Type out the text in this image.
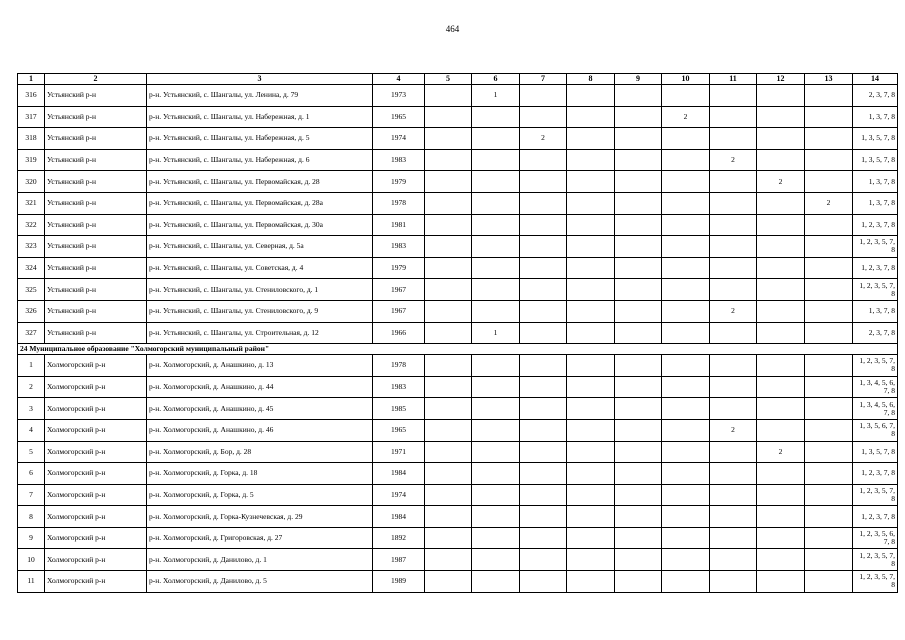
464
1	2	3	4	5	6	7	8	9	10	11	12	13	14
316	Устьянский р-н	р-н. Устьянский, с. Шангалы, ул. Ленина, д. 79	1973		1								2, 3, 7, 8
317	Устьянский р-н	р-н. Устьянский, с. Шангалы, ул. Набережная, д. 1	1965						2				1, 3, 7, 8
318	Устьянский р-н	р-н. Устьянский, с. Шангалы, ул. Набережная, д. 5	1974			2							1, 3, 5, 7, 8
319	Устьянский р-н	р-н. Устьянский, с. Шангалы, ул. Набережная, д. 6	1983							2			1, 3, 5, 7, 8
320	Устьянский р-н	р-н. Устьянский, с. Шангалы, ул. Первомайская, д. 28	1979								2		1, 3, 7, 8
321	Устьянский р-н	р-н. Устьянский, с. Шангалы, ул. Первомайская, д. 28а	1978									2	1, 3, 7, 8
322	Устьянский р-н	р-н. Устьянский, с. Шангалы, ул. Первомайская, д. 30а	1981										1, 2, 3, 7, 8
323	Устьянский р-н	р-н. Устьянский, с. Шангалы, ул. Северная, д. 5а	1983										1, 2, 3, 5, 7, 8
324	Устьянский р-н	р-н. Устьянский, с. Шангалы, ул. Советская, д. 4	1979										1, 2, 3, 7, 8
325	Устьянский р-н	р-н. Устьянский, с. Шангалы, ул. Стениловского, д. 1	1967										1, 2, 3, 5, 7, 8
326	Устьянский р-н	р-н. Устьянский, с. Шангалы, ул. Стениловского, д. 9	1967							2			1, 3, 7, 8
327	Устьянский р-н	р-н. Устьянский, с. Шангалы, ул. Строительная, д. 12	1966		1								2, 3, 7, 8
24 Муниципальное образование "Холмогорский муниципальный район"													
1	Холмогорский р-н	р-н. Холмогорский, д. Анашкино, д. 13	1978										1, 2, 3, 5, 7, 8
2	Холмогорский р-н	р-н. Холмогорский, д. Анашкино, д. 44	1983										1, 3, 4, 5, 6, 7, 8
3	Холмогорский р-н	р-н. Холмогорский, д. Анашкино, д. 45	1985										1, 3, 4, 5, 6, 7, 8
4	Холмогорский р-н	р-н. Холмогорский, д. Анашкино, д. 46	1965							2			1, 3, 5, 6, 7, 8
5	Холмогорский р-н	р-н. Холмогорский, д. Бор, д. 28	1971								2		1, 3, 5, 7, 8
6	Холмогорский р-н	р-н. Холмогорский, д. Горка, д. 18	1984										1, 2, 3, 7, 8
7	Холмогорский р-н	р-н. Холмогорский, д. Горка, д. 5	1974										1, 2, 3, 5, 7, 8
8	Холмогорский р-н	р-н. Холмогорский, д. Горка-Кузнечевская, д. 29	1984										1, 2, 3, 7, 8
9	Холмогорский р-н	р-н. Холмогорский, д. Григоровская, д. 27	1892										1, 2, 3, 5, 6, 7, 8
10	Холмогорский р-н	р-н. Холмогорский, д. Данилово, д. 1	1987										1, 2, 3, 5, 7, 8
11	Холмогорский р-н	р-н. Холмогорский, д. Данилово, д. 5	1989										1, 2, 3, 5, 7, 8
